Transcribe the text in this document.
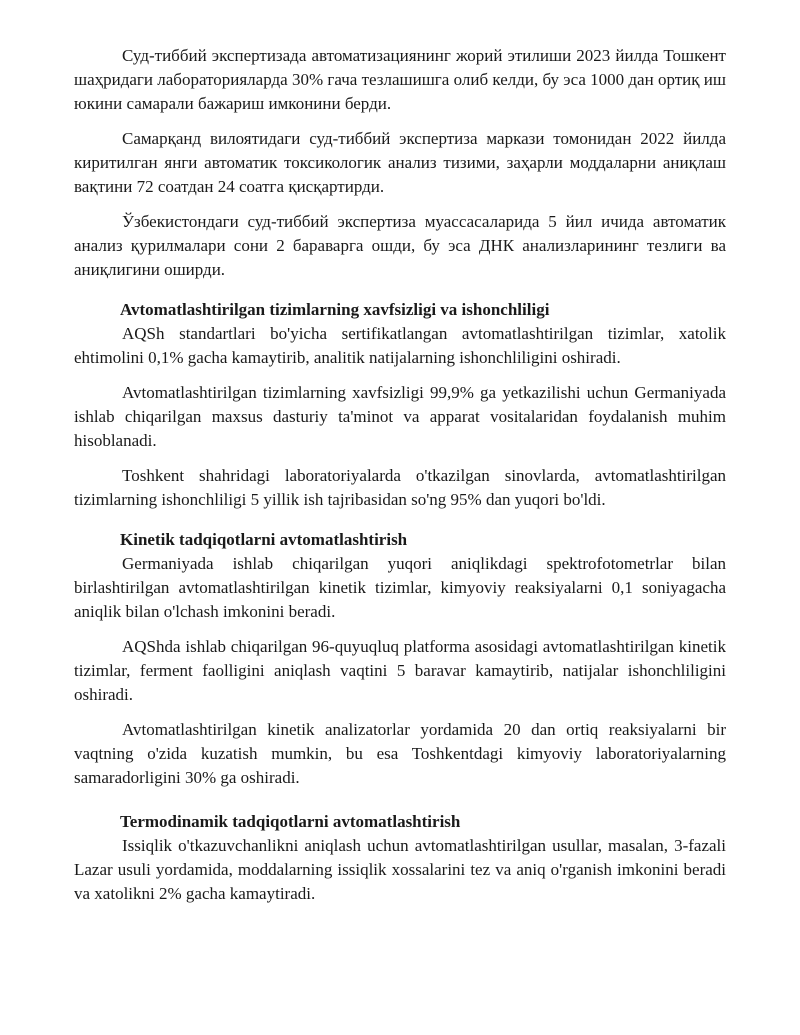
Суд-тиббий экспертизада автоматизациянинг жорий этилиши 2023 йилда Тошкент шаҳридаги лабораторияларда 30% гача тезлашишга олиб келди, бу эса 1000 дан ортиқ иш юкини самарали бажариш имконини берди.

Самарқанд вилоятидаги суд-тиббий экспертиза маркази томонидан 2022 йилда киритилган янги автоматик токсикологик анализ тизими, заҳарли моддаларни аниқлаш вақтини 72 соатдан 24 соатга қисқартирди.

Ўзбекистондаги суд-тиббий экспертиза муассасаларида 5 йил ичида автоматик анализ қурилмалари сони 2 бараварга ошди, бу эса ДНК анализларининг тезлиги ва аниқлигини оширди.

Avtomatlashtirilgan tizimlarning xavfsizligi va ishonchliligi

AQSh standartlari bo'yicha sertifikatlangan avtomatlashtirilgan tizimlar, xatolik ehtimolini 0,1% gacha kamaytirib, analitik natijalarning ishonchliligini oshiradi.

Avtomatlashtirilgan tizimlarning xavfsizligi 99,9% ga yetkazilishi uchun Germaniyada ishlab chiqarilgan maxsus dasturiy ta'minot va apparat vositalaridan foydalanish muhim hisoblanadi.

Toshkent shahridagi laboratoriyalarda o'tkazilgan sinovlarda, avtomatlashtirilgan tizimlarning ishonchliligi 5 yillik ish tajribasidan so'ng 95% dan yuqori bo'ldi.

Kinetik tadqiqotlarni avtomatlashtirish

Germaniyada ishlab chiqarilgan yuqori aniqlikdagi spektrofotometrlar bilan birlashtirilgan avtomatlashtirilgan kinetik tizimlar, kimyoviy reaksiyalarni 0,1 soniyagacha aniqlik bilan o'lchash imkonini beradi.

AQShda ishlab chiqarilgan 96-quyuqluq platforma asosidagi avtomatlashtirilgan kinetik tizimlar, ferment faolligini aniqlash vaqtini 5 baravar kamaytirib, natijalar ishonchliligini oshiradi.

Avtomatlashtirilgan kinetik analizatorlar yordamida 20 dan ortiq reaksiyalarni bir vaqtning o'zida kuzatish mumkin, bu esa Toshkentdagi kimyoviy laboratoriyalarning samaradorligini 30% ga oshiradi.

Termodinamik tadqiqotlarni avtomatlashtirish

Issiqlik o'tkazuvchanlikni aniqlash uchun avtomatlashtirilgan usullar, masalan, 3-fazali Lazar usuli yordamida, moddalarning issiqlik xossalarini tez va aniq o'rganish imkonini beradi va xatolikni 2% gacha kamaytiradi.
